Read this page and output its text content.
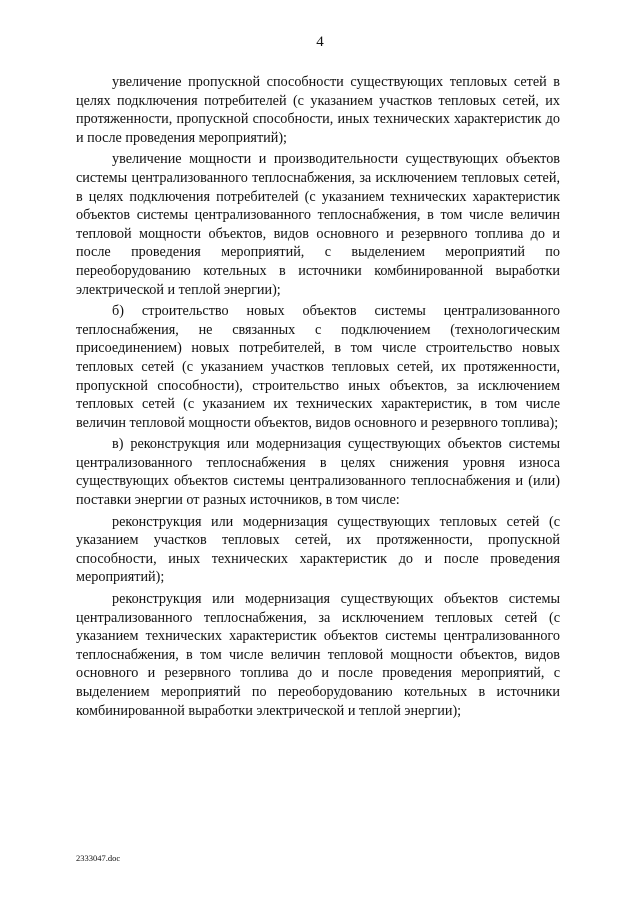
4

увеличение пропускной способности существующих тепловых сетей в целях подключения потребителей (с указанием участков тепловых сетей, их протяженности, пропускной способности, иных технических характеристик до и после проведения мероприятий);

увеличение мощности и производительности существующих объектов системы централизованного теплоснабжения, за исключением тепловых сетей, в целях подключения потребителей (с указанием технических характеристик объектов системы централизованного теплоснабжения, в том числе величин тепловой мощности объектов, видов основного и резервного топлива до и после проведения мероприятий, с выделением мероприятий по переоборудованию котельных в источники комбинированной выработки электрической и теплой энергии);

б) строительство новых объектов системы централизованного теплоснабжения, не связанных с подключением (технологическим присоединением) новых потребителей, в том числе строительство новых тепловых сетей (с указанием участков тепловых сетей, их протяженности, пропускной способности), строительство иных объектов, за исключением тепловых сетей (с указанием их технических характеристик, в том числе величин тепловой мощности объектов, видов основного и резервного топлива);

в) реконструкция или модернизация существующих объектов системы централизованного теплоснабжения в целях снижения уровня износа существующих объектов системы централизованного теплоснабжения и (или) поставки энергии от разных источников, в том числе:

реконструкция или модернизация существующих тепловых сетей (с указанием участков тепловых сетей, их протяженности, пропускной способности, иных технических характеристик до и после проведения мероприятий);

реконструкция или модернизация существующих объектов системы централизованного теплоснабжения, за исключением тепловых сетей (с указанием технических характеристик объектов системы централизованного теплоснабжения, в том числе величин тепловой мощности объектов, видов основного и резервного топлива до и после проведения мероприятий, с выделением мероприятий по переоборудованию котельных в источники комбинированной выработки электрической и теплой энергии);

2333047.doc
